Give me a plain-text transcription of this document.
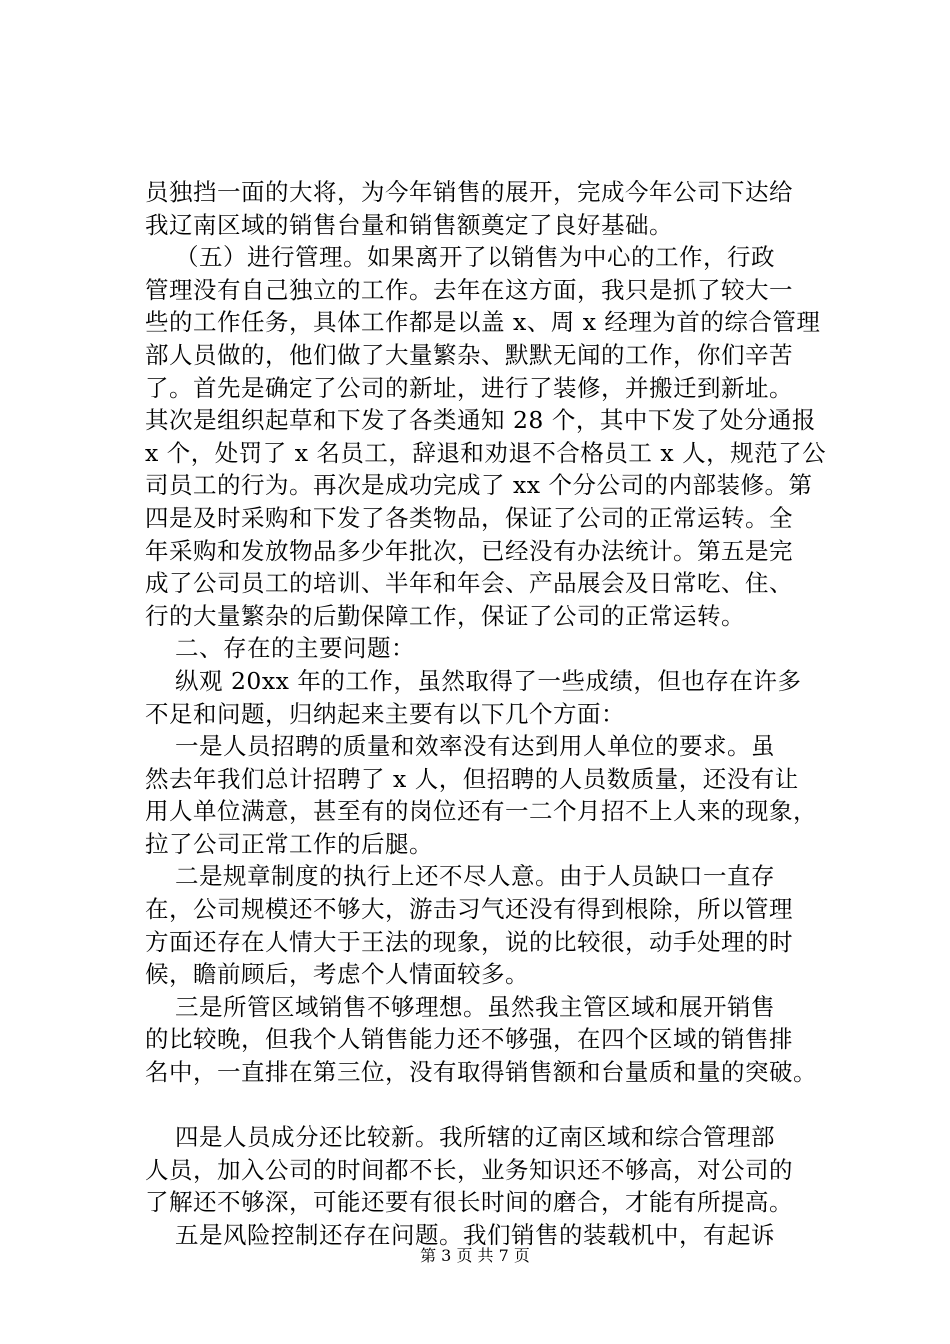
员独挡一面的大将，为今年销售的展开，完成今年公司下达给
我辽南区域的销售台量和销售额奠定了良好基础。
（五）进行管理。如果离开了以销售为中心的工作，行政
管理没有自己独立的工作。去年在这方面，我只是抓了较大一
些的工作任务，具体工作都是以盖 x、周 x 经理为首的综合管理
部人员做的，他们做了大量繁杂、默默无闻的工作，你们辛苦
了。首先是确定了公司的新址，进行了装修，并搬迁到新址。
其次是组织起草和下发了各类通知 28 个，其中下发了处分通报
x 个，处罚了 x 名员工，辞退和劝退不合格员工 x 人，规范了公
司员工的行为。再次是成功完成了 xx 个分公司的内部装修。第
四是及时采购和下发了各类物品，保证了公司的正常运转。全
年采购和发放物品多少年批次，已经没有办法统计。第五是完
成了公司员工的培训、半年和年会、产品展会及日常吃、住、
行的大量繁杂的后勤保障工作，保证了公司的正常运转。
二、存在的主要问题：
纵观 20xx 年的工作，虽然取得了一些成绩，但也存在许多
不足和问题，归纳起来主要有以下几个方面：
一是人员招聘的质量和效率没有达到用人单位的要求。虽
然去年我们总计招聘了 x 人，但招聘的人员数质量，还没有让
用人单位满意，甚至有的岗位还有一二个月招不上人来的现象，
拉了公司正常工作的后腿。
二是规章制度的执行上还不尽人意。由于人员缺口一直存
在，公司规模还不够大，游击习气还没有得到根除，所以管理
方面还存在人情大于王法的现象，说的比较很，动手处理的时
候，瞻前顾后，考虑个人情面较多。
三是所管区域销售不够理想。虽然我主管区域和展开销售
的比较晚，但我个人销售能力还不够强，在四个区域的销售排
名中，一直排在第三位，没有取得销售额和台量质和量的突破。
四是人员成分还比较新。我所辖的辽南区域和综合管理部
人员，加入公司的时间都不长，业务知识还不够高，对公司的
了解还不够深，可能还要有很长时间的磨合，才能有所提高。
五是风险控制还存在问题。我们销售的装载机中，有起诉
第 3 页 共 7 页
